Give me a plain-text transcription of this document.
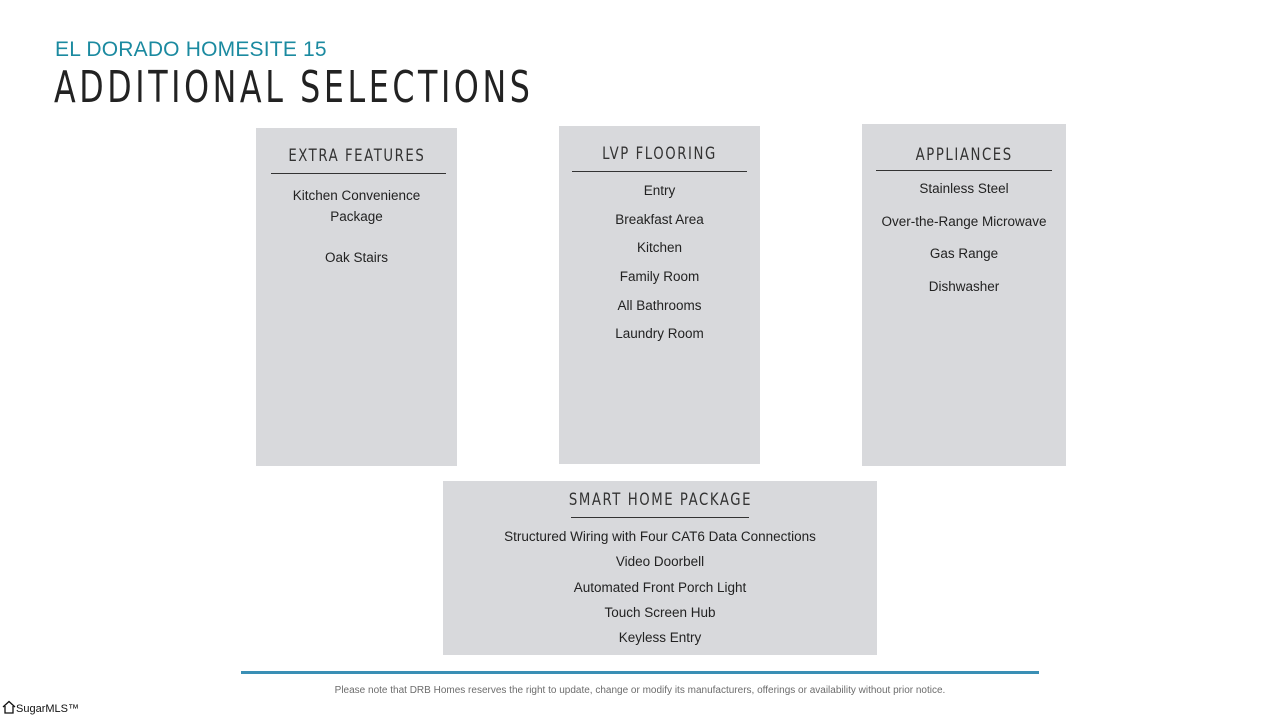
EL DORADO HOMESITE 15
ADDITIONAL SELECTIONS
EXTRA FEATURES
Kitchen Convenience
Package
Oak Stairs
LVP FLOORING
Entry
Breakfast Area
Kitchen
Family Room
All Bathrooms
Laundry Room
APPLIANCES
Stainless Steel
Over-the-Range Microwave
Gas Range
Dishwasher
SMART HOME PACKAGE
Structured Wiring with Four CAT6 Data Connections
Video Doorbell
Automated Front Porch Light
Touch Screen Hub
Keyless Entry
Please note that DRB Homes reserves the right to update, change or modify its manufacturers, offerings or availability without prior notice.
SugarMLS™
